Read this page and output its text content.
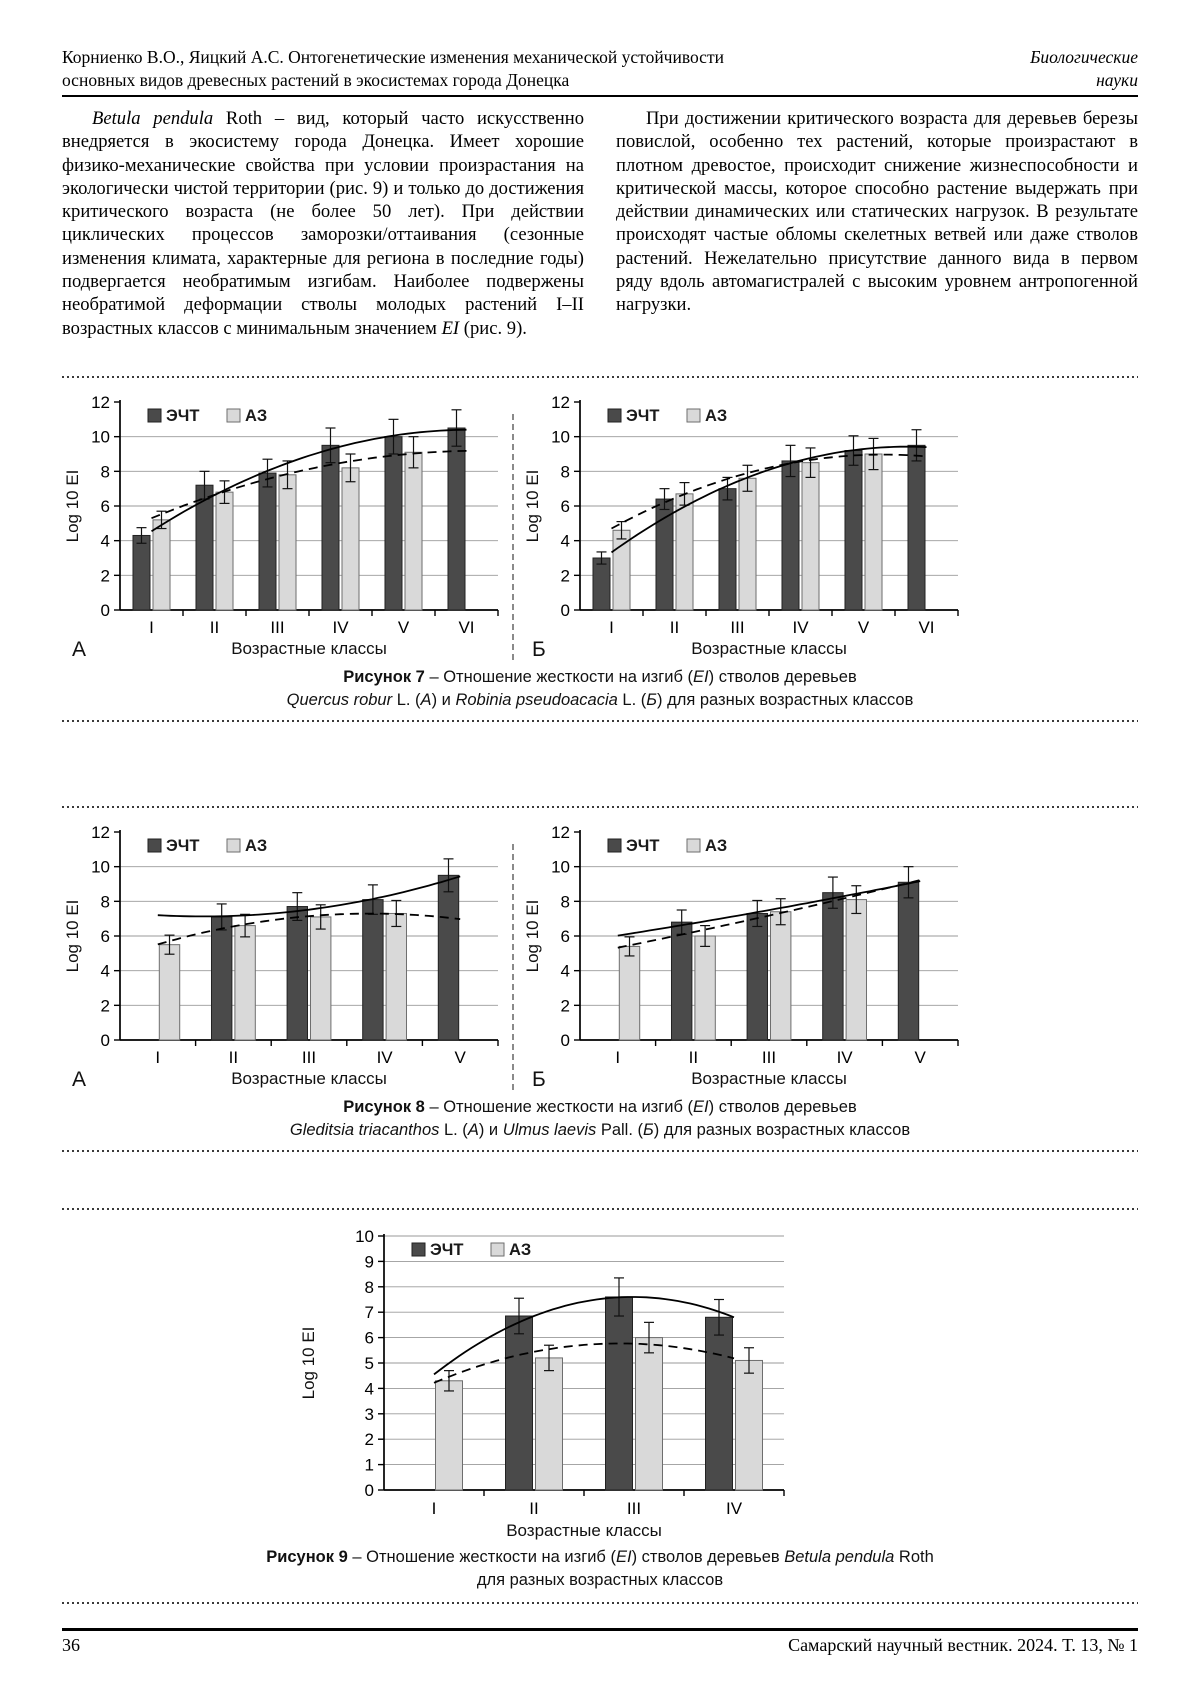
Корниенко В.О., Яицкий А.С. Онтогенетические изменения механической устойчивости
основных видов древесных растений в экосистемах города Донецка
Биологические
науки

Betula pendula Roth – вид, который часто искусственно внедряется в экосистему города Донецка. Имеет хорошие физико-механические свойства при условии произрастания на экологически чистой территории (рис. 9) и только до достижения критического возраста (не более 50 лет). При действии циклических процессов заморозки/оттаивания (сезонные изменения климата, характерные для региона в последние годы) подвергается необратимым изгибам. Наиболее подвержены необратимой деформации стволы молодых растений I–II возрастных классов с минимальным значением EI (рис. 9).

При достижении критического возраста для деревьев березы повислой, особенно тех растений, которые произрастают в плотном древостое, происходит снижение жизнеспособности и критической массы, которое способно растение выдержать при действии динамических или статических нагрузок. В результате происходят частые обломы скелетных ветвей или даже стволов растений. Нежелательно присутствие данного вида в первом ряду вдоль автомагистралей с высоким уровнем антропогенной нагрузки.

0
2
4
6
8
10
12
I	II	III	IV	V	VI
ЭЧТ	АЗ
Log 10 EI
Возрастные классы
А
0
2
4
6
8
10
12
I	II	III	IV	V	VI
ЭЧТ	АЗ
Log 10 EI
Возрастные классы
Б
Рисунок 7 – Отношение жесткости на изгиб (EI) стволов деревьев
Quercus robur L. (А) и Robinia pseudoacacia L. (Б) для разных возрастных классов
0
2
4
6
8
10
12
I	II	III	IV	V
ЭЧТ	АЗ
Log 10 EI
Возрастные классы
А
0
2
4
6
8
10
12
I	II	III	IV	V
ЭЧТ	АЗ
Log 10 EI
Возрастные классы
Б
Рисунок 8 – Отношение жесткости на изгиб (EI) стволов деревьев
Gleditsia triacanthos L. (А) и Ulmus laevis Pall. (Б) для разных возрастных классов
0
1
2
3
4
5
6
7
8
9
10
I	II	III	IV
ЭЧТ	АЗ
Log 10 EI
Возрастные классы
Рисунок 9 – Отношение жесткости на изгиб (EI) стволов деревьев Betula pendula Roth
для разных возрастных классов
36	Самарский научный вестник. 2024. Т. 13, № 1
